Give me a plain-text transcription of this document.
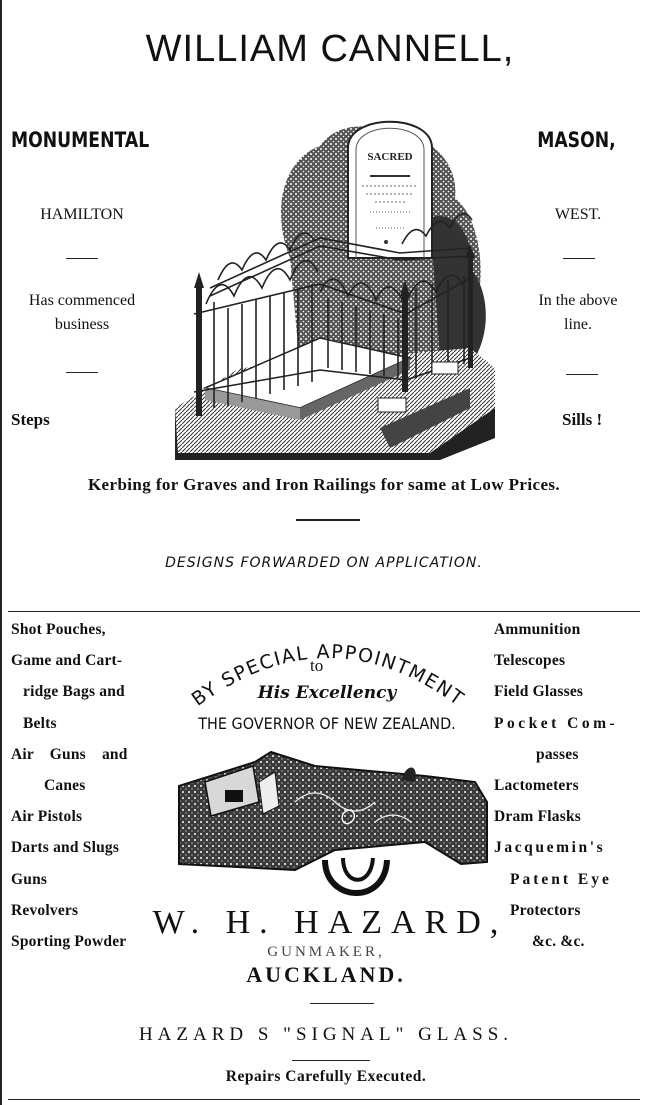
WILLIAM CANNELL,
MONUMENTAL	MASON,
HAMILTON	WEST.
Has commenced
business
In the above
line.
Steps	Sills !
SACRED
Kerbing for Graves and Iron Railings for same at Low Prices.
DESIGNS FORWARDED ON APPLICATION.
Shot Pouches,
Game and Cart-
ridge Bags and
Belts
Air Guns and
Canes
Air Pistols
Darts and Slugs
Guns
Revolvers
Sporting Powder
Ammunition
Telescopes
Field Glasses
Pocket Com-
passes
Lactometers
Dram Flasks
Jacquemin's
Patent Eye
Protectors
&c. &c.
BY SPECIAL APPOINTMENT
to
His Excellency
THE GOVERNOR OF NEW ZEALAND.
W. H. HAZARD,
GUNMAKER,
AUCKLAND.
HAZARD S "SIGNAL" GLASS.
Repairs Carefully Executed.
